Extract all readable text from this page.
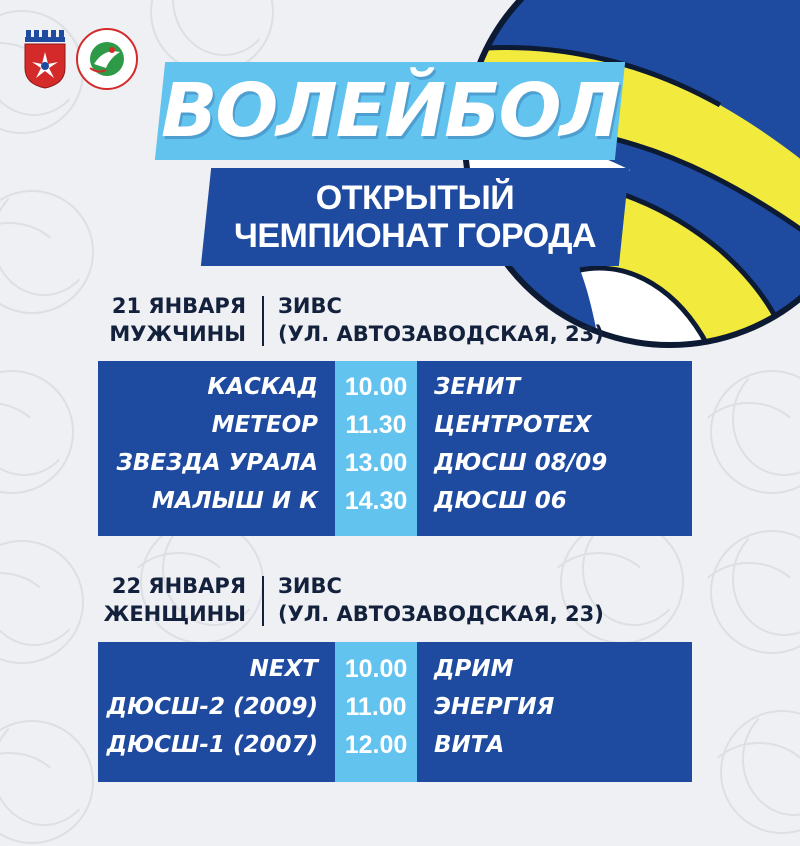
ВОЛЕЙБОЛ
ОТКРЫТЫЙ
ЧЕМПИОНАТ ГОРОДА
21 ЯНВАРЯ
МУЖЧИНЫ
ЗИВС
(УЛ. АВТОЗАВОДСКАЯ, 23)
КАСКАД	10.00	ЗЕНИТ
МЕТЕОР	11.30	ЦЕНТРОТЕХ
ЗВЕЗДА УРАЛА	13.00	ДЮСШ 08/09
МАЛЫШ И К	14.30	ДЮСШ 06
22 ЯНВАРЯ
ЖЕНЩИНЫ
ЗИВС
(УЛ. АВТОЗАВОДСКАЯ, 23)
NEXT	10.00	ДРИМ
ДЮСШ-2 (2009)	11.00	ЭНЕРГИЯ
ДЮСШ-1 (2007)	12.00	ВИТА
